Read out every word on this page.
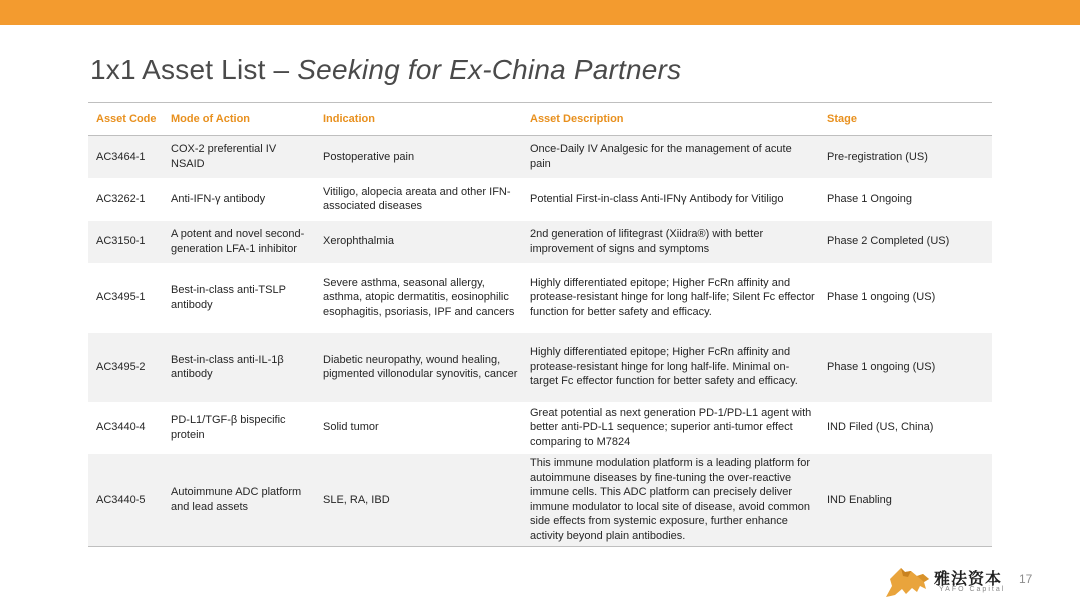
1x1 Asset List – Seeking for Ex-China Partners
Asset Code	Mode of Action	Indication	Asset Description	Stage
AC3464-1	COX-2 preferential IV NSAID	Postoperative pain	Once-Daily IV Analgesic for the management of acute pain	Pre-registration (US)
AC3262-1	Anti-IFN-γ antibody	Vitiligo, alopecia areata and other IFN-associated diseases	Potential First-in-class Anti-IFNγ Antibody for Vitiligo	Phase 1 Ongoing
AC3150-1	A potent and novel second-generation LFA-1 inhibitor	Xerophthalmia	2nd generation of lifitegrast (Xiidra®) with better improvement of signs and symptoms	Phase 2 Completed (US)
AC3495-1	Best-in-class anti-TSLP antibody	Severe asthma, seasonal allergy, asthma, atopic dermatitis, eosinophilic esophagitis, psoriasis, IPF and cancers	Highly differentiated epitope; Higher FcRn affinity and protease-resistant hinge for long half-life; Silent Fc effector function for better safety and efficacy.	Phase 1 ongoing (US)
AC3495-2	Best-in-class anti-IL-1β antibody	Diabetic neuropathy, wound healing, pigmented villonodular synovitis, cancer	Highly differentiated epitope; Higher FcRn affinity and protease-resistant hinge for long half-life. Minimal on-target Fc effector function for better safety and efficacy.	Phase 1 ongoing (US)
AC3440-4	PD-L1/TGF-β bispecific protein	Solid tumor	Great potential as next generation PD-1/PD-L1 agent with better anti-PD-L1 sequence; superior anti-tumor effect comparing to M7824	IND Filed (US, China)
AC3440-5	Autoimmune ADC platform and lead assets	SLE, RA, IBD	This immune modulation platform is a leading platform for autoimmune diseases by fine-tuning the over-reactive immune cells. This ADC platform can precisely deliver immune modulator to local site of disease, avoid common side effects from systemic exposure, further enhance activity beyond plain antibodies.	IND Enabling
雅法资本
YAFO Capital
17
